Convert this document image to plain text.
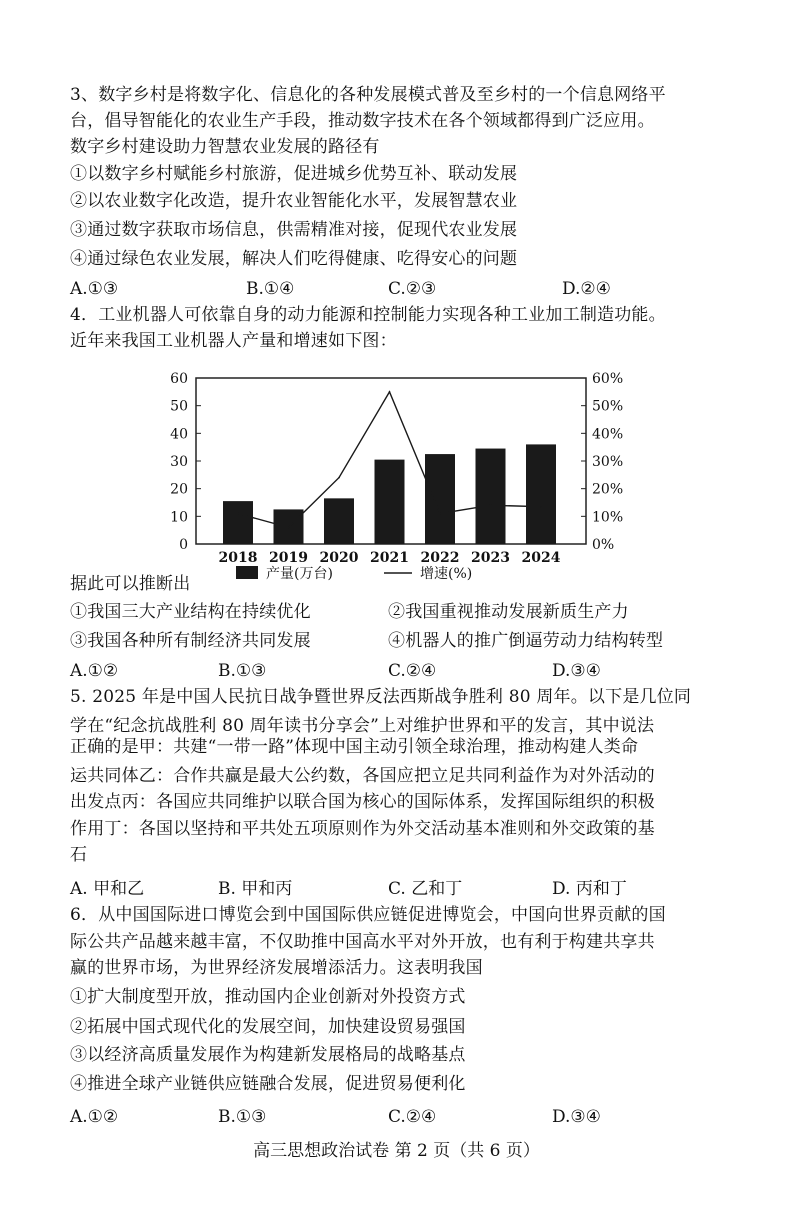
3、数字乡村是将数字化、信息化的各种发展模式普及至乡村的一个信息网络平
台，倡导智能化的农业生产手段，推动数字技术在各个领域都得到广泛应用。
数字乡村建设助力智慧农业发展的路径有
①以数字乡村赋能乡村旅游，促进城乡优势互补、联动发展
②以农业数字化改造，提升农业智能化水平，发展智慧农业
③通过数字获取市场信息，供需精准对接，促现代农业发展
④通过绿色农业发展，解决人们吃得健康、吃得安心的问题
A.①③	B.①④	C.②③	D.②④
4．工业机器人可依靠自身的动力能源和控制能力实现各种工业加工制造功能。
近年来我国工业机器人产量和增速如下图：
0
10
20
30
40
50
60
0%
10%
20%
30%
40%
50%
60%
2018 2019 2020 2021 2022 2023 2024
产量(万台)	增速(%)
据此可以推断出
①我国三大产业结构在持续优化	②我国重视推动发展新质生产力
③我国各种所有制经济共同发展	④机器人的推广倒逼劳动力结构转型
A.①②	B.①③	C.②④	D.③④
5. 2025 年是中国人民抗日战争暨世界反法西斯战争胜利 80 周年。以下是几位同
学在“纪念抗战胜利 80 周年读书分享会”上对维护世界和平的发言，其中说法
正确的是甲：共建“一带一路”体现中国主动引领全球治理，推动构建人类命
运共同体乙：合作共赢是最大公约数，各国应把立足共同利益作为对外活动的
出发点丙：各国应共同维护以联合国为核心的国际体系，发挥国际组织的积极
作用丁：各国以坚持和平共处五项原则作为外交活动基本准则和外交政策的基
石
A. 甲和乙	B. 甲和丙	C. 乙和丁	D. 丙和丁
6．从中国国际进口博览会到中国国际供应链促进博览会，中国向世界贡献的国
际公共产品越来越丰富，不仅助推中国高水平对外开放，也有利于构建共享共
赢的世界市场，为世界经济发展增添活力。这表明我国
①扩大制度型开放，推动国内企业创新对外投资方式
②拓展中国式现代化的发展空间，加快建设贸易强国
③以经济高质量发展作为构建新发展格局的战略基点
④推进全球产业链供应链融合发展，促进贸易便利化
A.①②	B.①③	C.②④	D.③④
高三思想政治试卷 第 2 页（共 6 页）
